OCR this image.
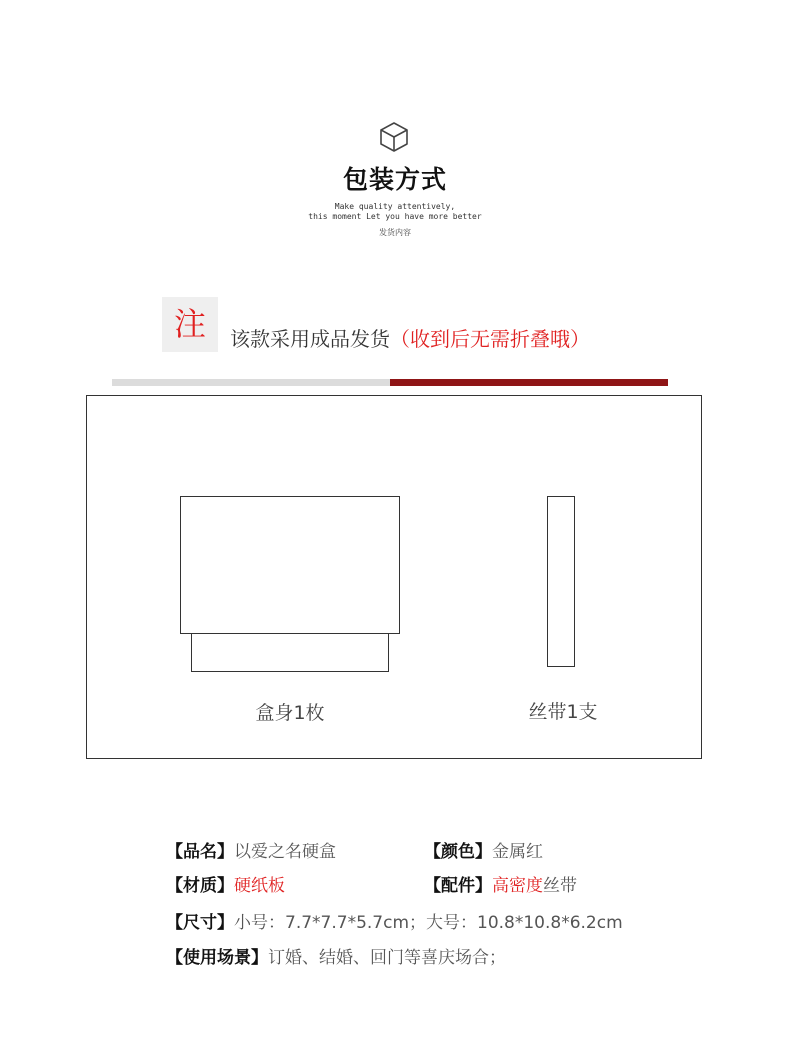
包装方式
Make quality attentively,
this moment Let you have more better
发货内容
注	该款采用成品发货（收到后无需折叠哦）
盒身1枚	丝带1支
【品名】以爱之名硬盒	【颜色】金属红
【材质】硬纸板	【配件】高密度丝带
【尺寸】小号：7.7*7.7*5.7cm；大号：10.8*10.8*6.2cm
【使用场景】订婚、结婚、回门等喜庆场合；
